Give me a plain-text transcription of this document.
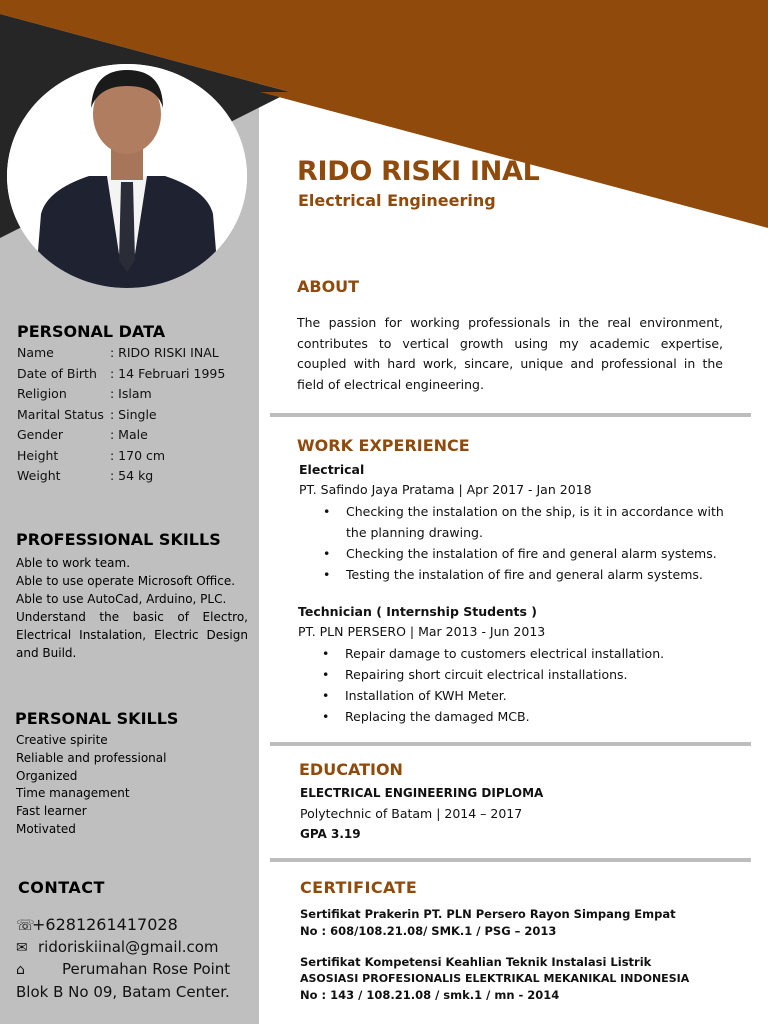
RIDO RISKI INAL
Electrical Engineering
PERSONAL DATA
Name	: RIDO RISKI INAL
Date of Birth	: 14 Februari 1995
Religion	: Islam
Marital Status : Single
Gender	: Male
Height	: 170 cm
Weight	: 54 kg
PROFESSIONAL SKILLS
Able to work team.
Able to use operate Microsoft Office.
Able to use AutoCad, Arduino, PLC.
Understand the basic of Electro, Electrical Instalation, Electric Design and Build.
PERSONAL SKILLS
Creative spirite
Reliable and professional
Organized
Time management
Fast learner
Motivated
CONTACT
☏+6281261417028
✉ ridoriskiinal@gmail.com
⌂ Perumahan Rose Point
Blok B No 09, Batam Center.
ABOUT
The passion for working professionals in the real environment, contributes to vertical growth using my academic expertise, coupled with hard work, sincare, unique and professional in the field of electrical engineering.
WORK EXPERIENCE
Electrical
PT. Safindo Jaya Pratama | Apr 2017 - Jan 2018
• Checking the instalation on the ship, is it in accordance with the planning drawing.
• Checking the instalation of fire and general alarm systems.
• Testing the instalation of fire and general alarm systems.
Technician ( Internship Students )
PT. PLN PERSERO | Mar 2013 - Jun 2013
• Repair damage to customers electrical installation.
• Repairing short circuit electrical installations.
• Installation of KWH Meter.
• Replacing the damaged MCB.
EDUCATION
ELECTRICAL ENGINEERING DIPLOMA
Polytechnic of Batam | 2014 – 2017
GPA 3.19
CERTIFICATE
Sertifikat Prakerin PT. PLN Persero Rayon Simpang Empat
No : 608/108.21.08/ SMK.1 / PSG – 2013
Sertifikat Kompetensi Keahlian Teknik Instalasi Listrik
ASOSIASI PROFESIONALIS ELEKTRIKAL MEKANIKAL INDONESIA
No : 143 / 108.21.08 / smk.1 / mn - 2014
